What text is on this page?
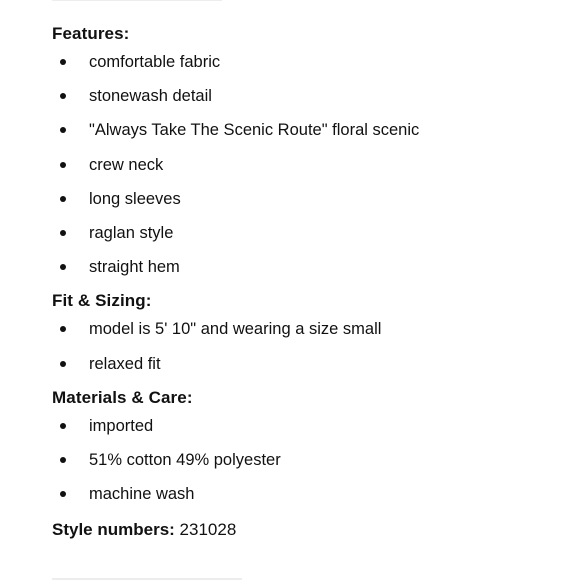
Features:
comfortable fabric
stonewash detail
"Always Take The Scenic Route" floral scenic
crew neck
long sleeves
raglan style
straight hem
Fit & Sizing:
model is 5' 10" and wearing a size small
relaxed fit
Materials & Care:
imported
51% cotton 49% polyester
machine wash
Style numbers: 231028
